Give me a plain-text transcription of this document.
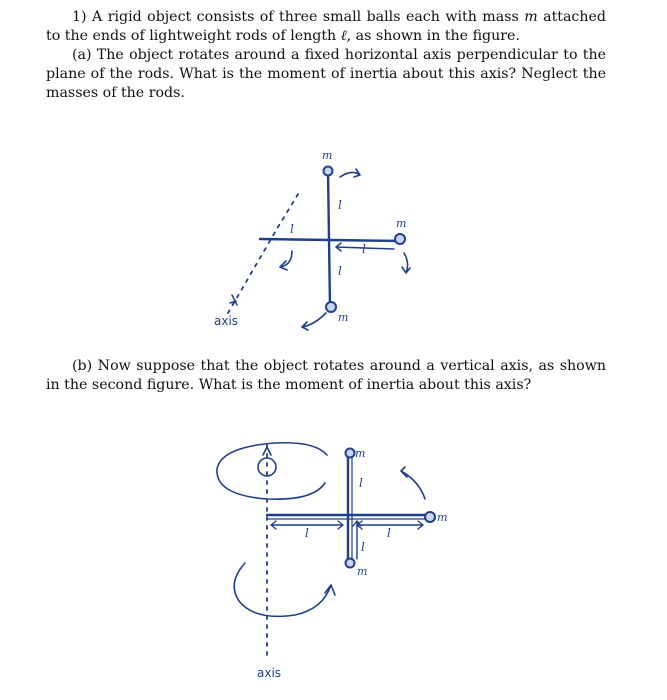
1) A rigid object consists of three small balls each with mass m attached to the ends of lightweight rods of length ℓ, as shown in the figure.

(a) The object rotates around a fixed horizontal axis perpendicular to the plane of the rods. What is the moment of inertia about this axis? Neglect the masses of the rods.

(b) Now suppose that the object rotates around a vertical axis, as shown in the second figure. What is the moment of inertia about this axis?

m
m
m
l
l
l
l
axis
m
m
m
l
l	l
l
axis
